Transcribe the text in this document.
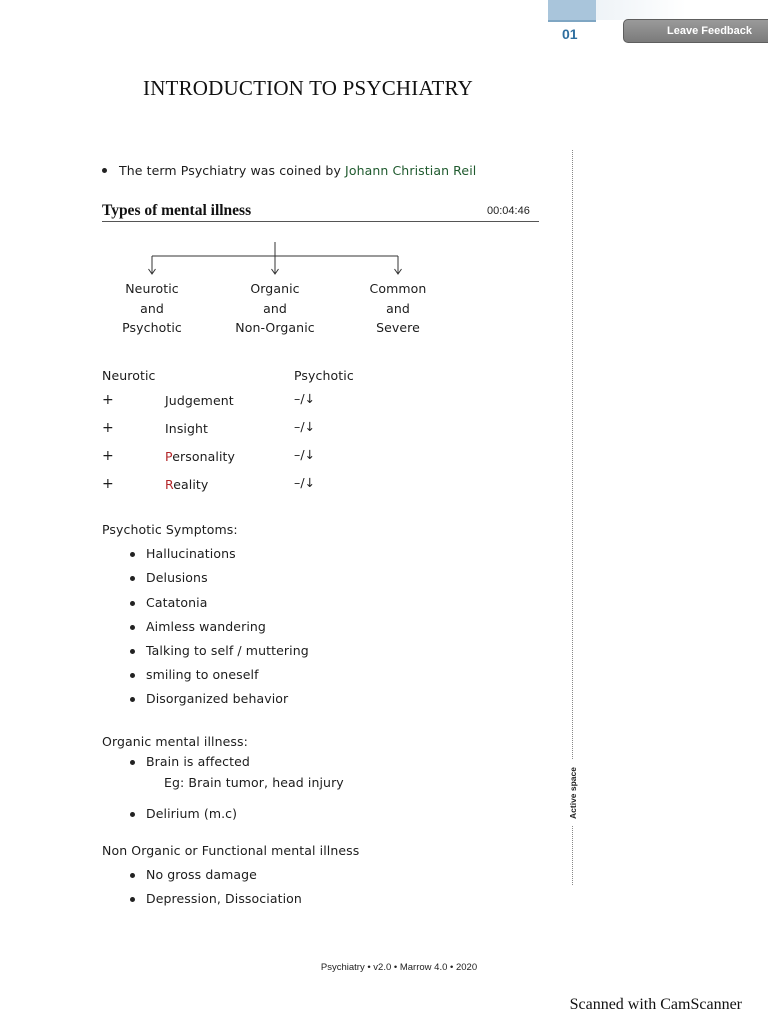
01	Leave Feedback
INTRODUCTION TO PSYCHIATRY
The term Psychiatry was coined by Johann Christian Reil
Types of mental illness	00:04:46
Neurotic
and
Psychotic
Organic
and
Non-Organic
Common
and
Severe
Neurotic	Psychotic
+	Judgement	–/↓
+	Insight	–/↓
+	Personality	–/↓
+	Reality	–/↓
Psychotic Symptoms:
Hallucinations
Delusions
Catatonia
Aimless wandering
Talking to self / muttering
smiling to oneself
Disorganized behavior
Organic mental illness:
Brain is affected
Eg: Brain tumor, head injury
Delirium (m.c)
Non Organic or Functional mental illness
No gross damage
Depression, Dissociation
Active space
Psychiatry • v2.0 • Marrow 4.0 • 2020
Scanned with CamScanner
